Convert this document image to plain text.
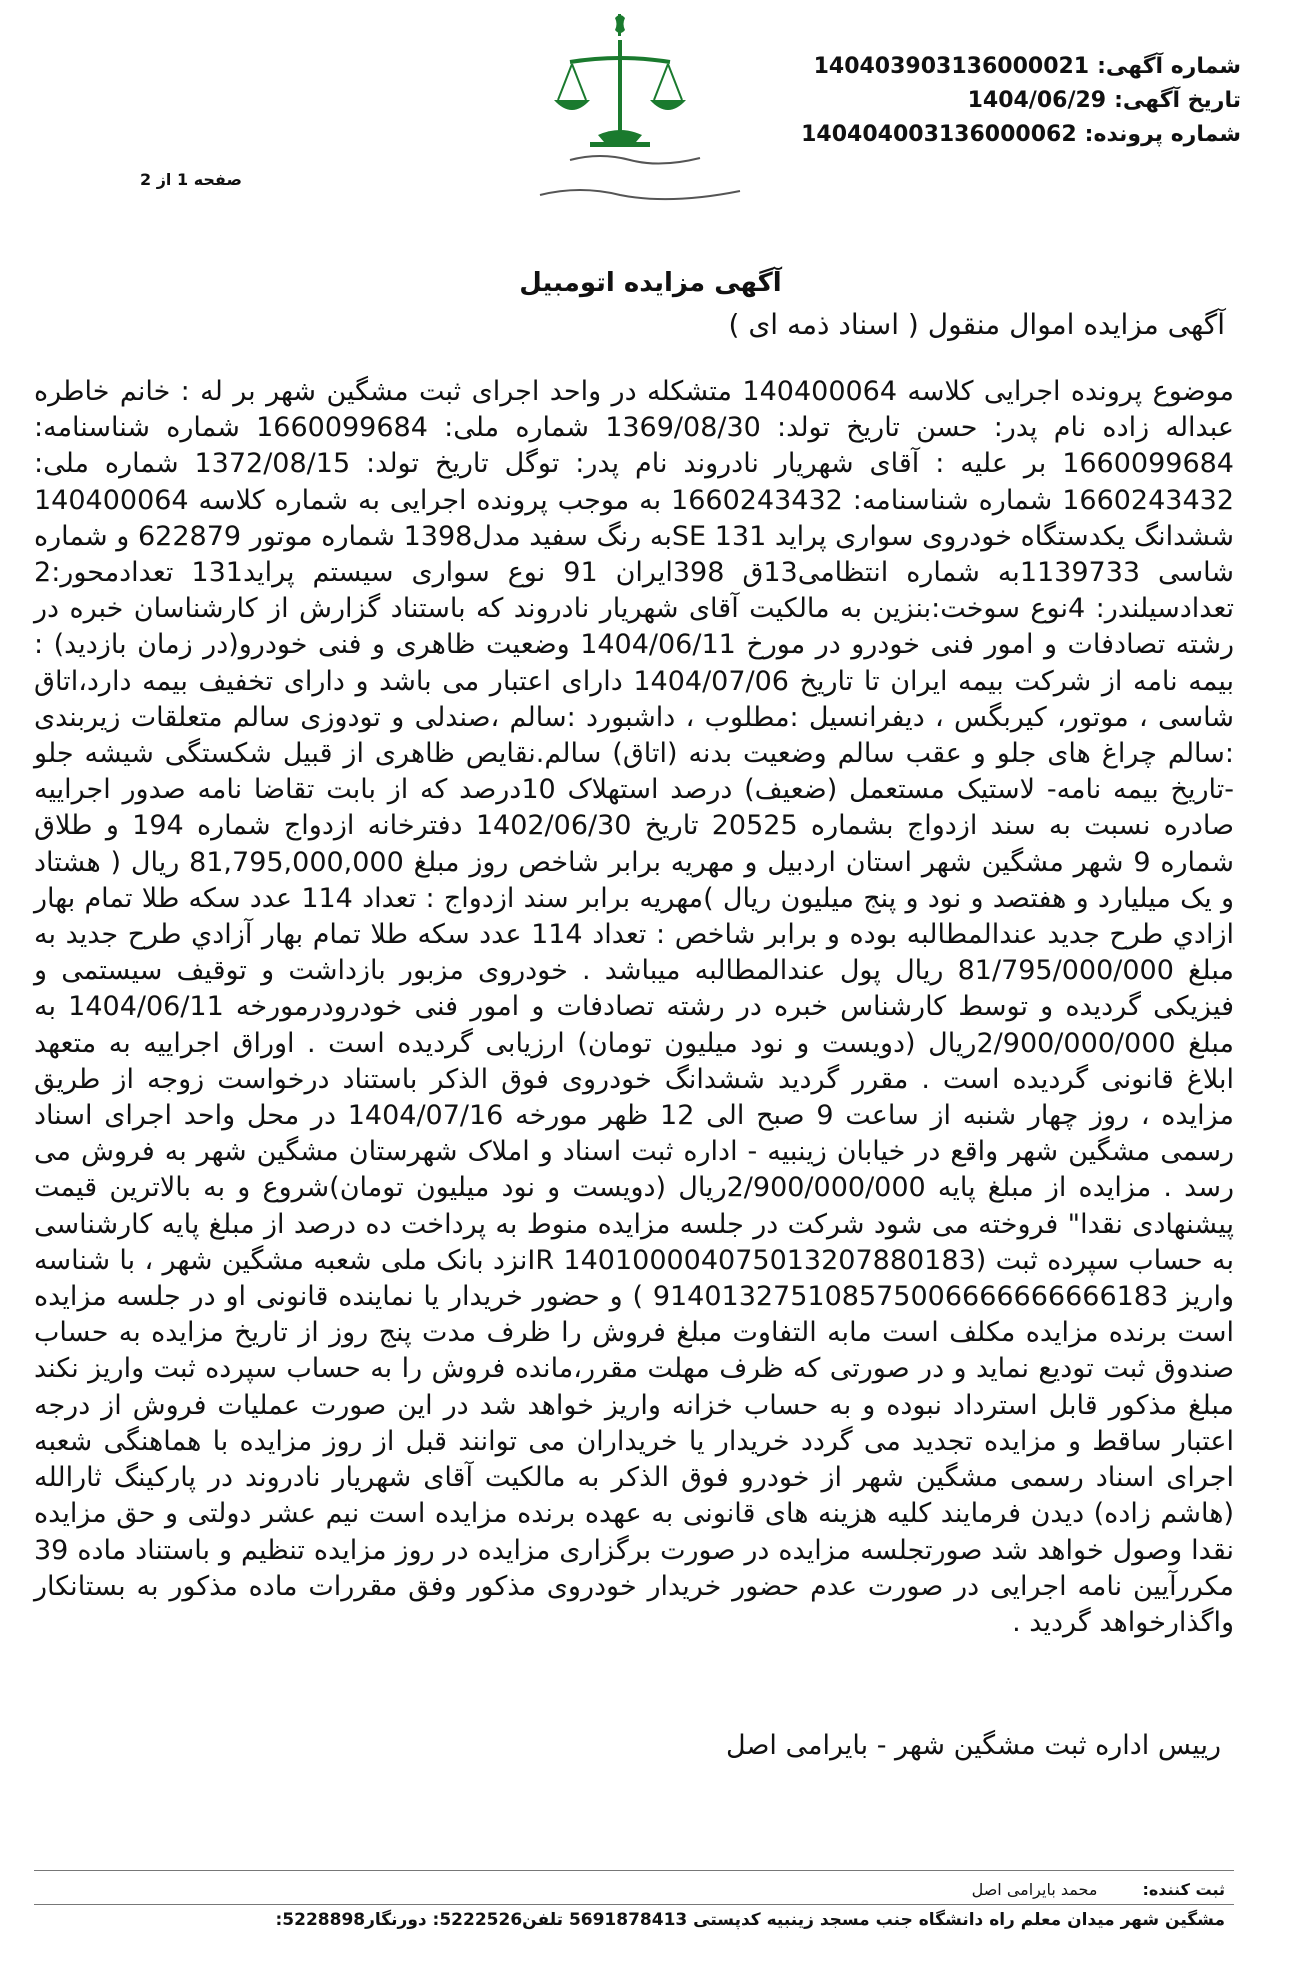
شماره آگهی:
140403903136000021
تاریخ آگهی:
1404/06/29
شماره پرونده:
140404003136000062
صفحه 1 از 2
آگهی مزایده اتومبیل
آگهی مزایده اموال منقول ( اسناد ذمه ای )

موضوع پرونده اجرایی کلاسه 140400064 متشکله در واحد اجرای ثبت مشگین شهر بر له : خانم خاطره عبداله زاده نام پدر: حسن تاریخ تولد: 1369/08/30 شماره ملی: 1660099684 شماره شناسنامه: 1660099684 بر علیه : آقای شهریار نادروند نام پدر: توگل تاریخ تولد: 1372/08/15 شماره ملی: 1660243432 شماره شناسنامه: 1660243432 به موجب پرونده اجرایی به شماره کلاسه 140400064 ششدانگ یکدستگاه خودروی سواری پراید SE 131به رنگ سفید مدل1398 شماره موتور 622879 و شماره شاسی 1139733به شماره انتظامی13ق 398ایران 91 نوع سواری سیستم پراید131 تعدادمحور:2 تعدادسیلندر: 4نوع سوخت:بنزین به مالکیت آقای شهریار نادروند که باستناد گزارش از کارشناسان خبره در رشته تصادفات و امور فنی خودرو در مورخ 1404/06/11 وضعیت ظاهری و فنی خودرو(در زمان بازدید) : بیمه نامه از شرکت بیمه ایران تا تاریخ 1404/07/06 دارای اعتبار می باشد و دارای تخفیف بیمه دارد،اتاق شاسی ، موتور، کیربگس ، دیفرانسیل :مطلوب ، داشبورد :سالم ،صندلی و تودوزی سالم متعلقات زیربندی :سالم چراغ های جلو و عقب سالم وضعیت بدنه (اتاق) سالم.نقایص ظاهری از قبیل شکستگی شیشه جلو -تاریخ بیمه نامه- لاستیک مستعمل (ضعیف) درصد استهلاک 10درصد که از بابت تقاضا نامه صدور اجراییه صادره نسبت به سند ازدواج بشماره 20525 تاریخ 1402/06/30 دفترخانه ازدواج شماره 194 و طلاق شماره 9 شهر مشگین شهر استان اردبیل و مهریه برابر شاخص روز مبلغ 81,795,000,000 ریال ( هشتاد و یک میلیارد و هفتصد و نود و پنج میلیون ریال )مهریه برابر سند ازدواج : تعداد 114 عدد سکه طلا تمام بهار ازادي طرح جديد عندالمطالبه بوده و برابر شاخص : تعداد 114 عدد سکه طلا تمام بهار آزادي طرح جديد به مبلغ 81/795/000/000 ریال پول عندالمطالبه میباشد . خودروی مزبور بازداشت و توقیف سیستمی و فیزیکی گردیده و توسط کارشناس خبره در رشته تصادفات و امور فنی خودرودرمورخه 1404/06/11 به مبلغ 2/900/000/000ریال (دویست و نود میلیون تومان) ارزیابی گردیده است . اوراق اجراییه به متعهد ابلاغ قانونی گردیده است . مقرر گردید ششدانگ خودروی فوق الذکر باستناد درخواست زوجه از طریق مزایده ، روز چهار شنبه از ساعت 9 صبح الی 12 ظهر مورخه 1404/07/16 در محل واحد اجرای اسناد رسمی مشگین شهر واقع در خیابان زینبیه - اداره ثبت اسناد و املاک شهرستان مشگین شهر به فروش می رسد . مزایده از مبلغ پایه 2/900/000/000ریال (دویست و نود میلیون تومان)شروع و به بالاترین قیمت پیشنهادی نقدا" فروخته می شود شرکت در جلسه مزایده منوط به پرداخت ده درصد از مبلغ پایه کارشناسی به حساب سپرده ثبت (IR 140100004075013207880183نزد بانک ملی شعبه مشگین شهر ، با شناسه واریز 914013275108575006666666666183 ) و حضور خریدار یا نماینده قانونی او در جلسه مزایده است برنده مزایده مکلف است مابه التفاوت مبلغ فروش را ظرف مدت پنج روز از تاریخ مزایده به حساب صندوق ثبت تودیع نماید و در صورتی که ظرف مهلت مقرر،مانده فروش را به حساب سپرده ثبت واریز نکند مبلغ مذکور قابل استرداد نبوده و به حساب خزانه واریز خواهد شد در این صورت عملیات فروش از درجه اعتبار ساقط و مزایده تجدید می گردد خریدار یا خریداران می توانند قبل از روز مزایده با هماهنگی شعبه اجرای اسناد رسمی مشگین شهر از خودرو فوق الذکر به مالکیت آقای شهریار نادروند در پارکینگ ثارالله (هاشم زاده) دیدن فرمایند کلیه هزینه های قانونی به عهده برنده مزایده است نیم عشر دولتی و حق مزایده نقدا وصول خواهد شد صورتجلسه مزایده در صورت برگزاری مزایده در روز مزایده تنظیم و باستناد ماده 39 مکررآیین نامه اجرایی در صورت عدم حضور خریدار خودروی مذکور وفق مقررات ماده مذکور به بستانکار واگذارخواهد گردید .

رییس اداره ثبت مشگین شهر - بایرامی اصل
ثبت کننده: محمد بایرامی اصل
مشگین شهر میدان معلم راه دانشگاه جنب مسجد زینبیه کدپستی 5691878413 تلفن5222526: دورنگار5228898:
